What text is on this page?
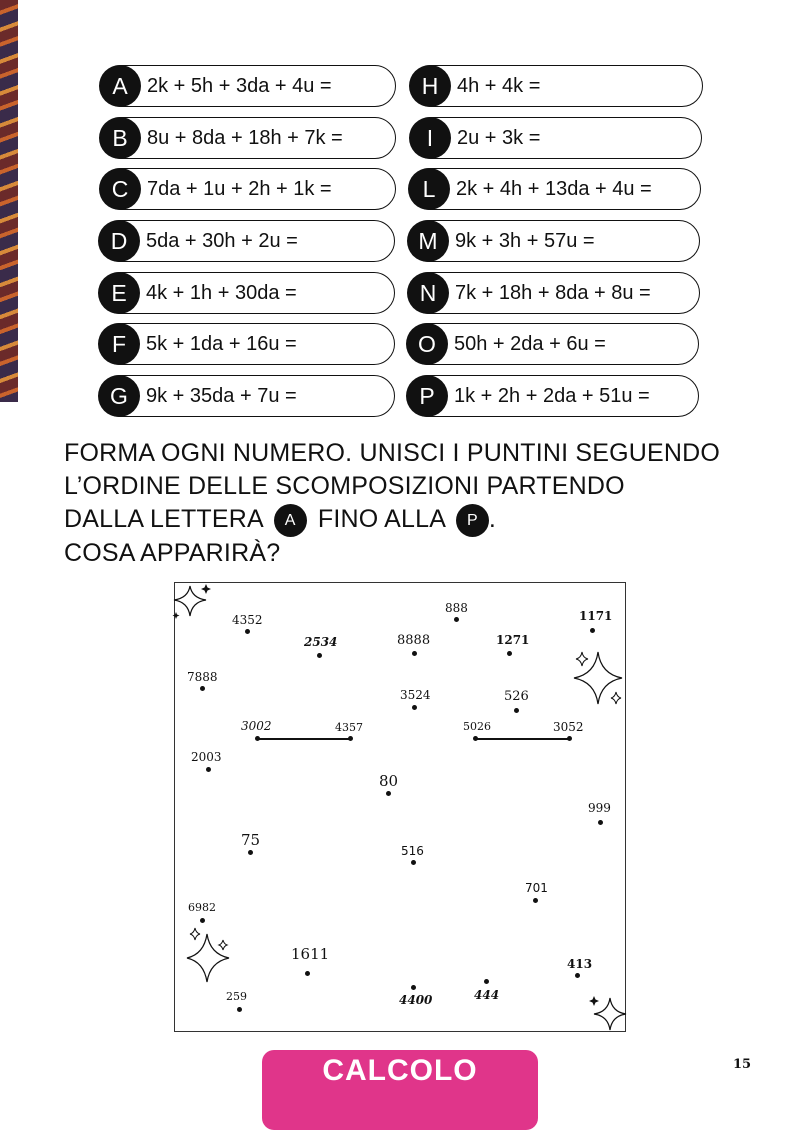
A 2k + 5h + 3da + 4u =
B 8u + 8da + 18h + 7k =
C 7da + 1u + 2h + 1k =
D 5da + 30h + 2u =
E 4k + 1h + 30da =
F 5k + 1da + 16u =
G 9k + 35da + 7u =
H 4h + 4k =
I	2u + 3k =
L	2k + 4h + 13da + 4u =
M 9k + 3h + 57u =
N 7k + 18h + 8da + 8u =
O 50h + 2da + 6u =
P 1k + 2h + 2da + 51u =
FORMA OGNI NUMERO. UNISCI I PUNTINI SEGUENDO
L’ORDINE DELLE SCOMPOSIZIONI PARTENDO
DALLA LETTERA A FINO ALLA P .
COSA APPARIRÀ?
4352
888
1171
2534	8888	1271
7888
3524	526
3002	4357	5026	3052
2003
80
999
75
516
701
6982
1611
413
259	4400	444
CALCOLO	15
